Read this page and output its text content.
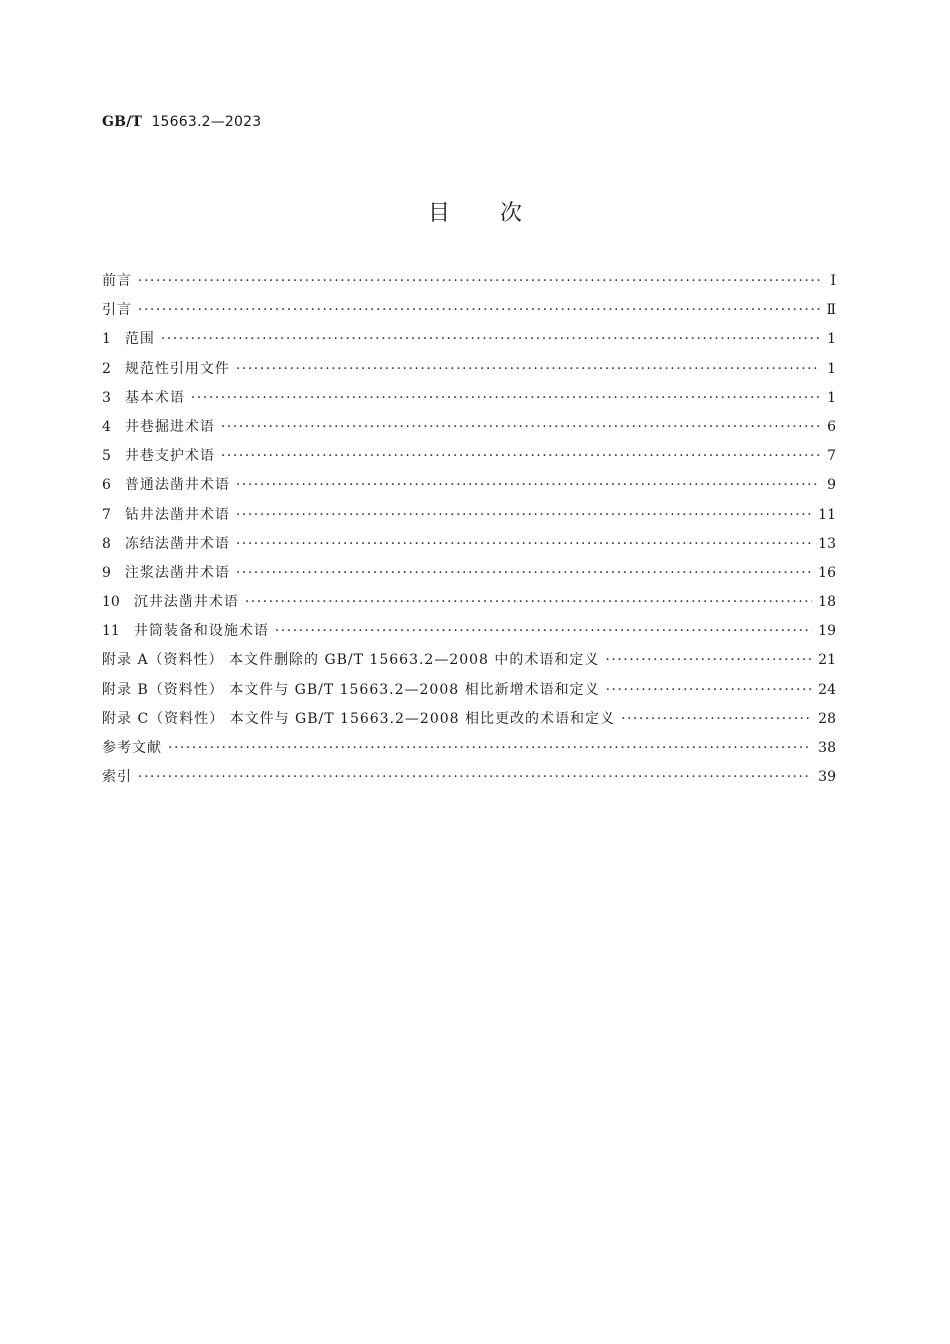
GB/T 15663.2—2023
目次
前言 ·····	Ⅰ
引言 ·····	Ⅱ
1 范围 ·····	1
2 规范性引用文件 ·····	1
3 基本术语 ·····	1
4 井巷掘进术语 ·····	6
5 井巷支护术语 ·····	7
6 普通法凿井术语 ·····	9
7 钻井法凿井术语 ·····	11
8 冻结法凿井术语 ·····	13
9 注浆法凿井术语 ·····	16
10 沉井法凿井术语 ·····	18
11 井筒装备和设施术语 ·····	19
附录 A（资料性） 本文件删除的 GB/T 15663.2—2008 中的术语和定义 ·····	21
附录 B（资料性） 本文件与 GB/T 15663.2—2008 相比新增术语和定义 ·····	24
附录 C（资料性） 本文件与 GB/T 15663.2—2008 相比更改的术语和定义 ·····	28
参考文献 ·····	38
索引 ·····	39
